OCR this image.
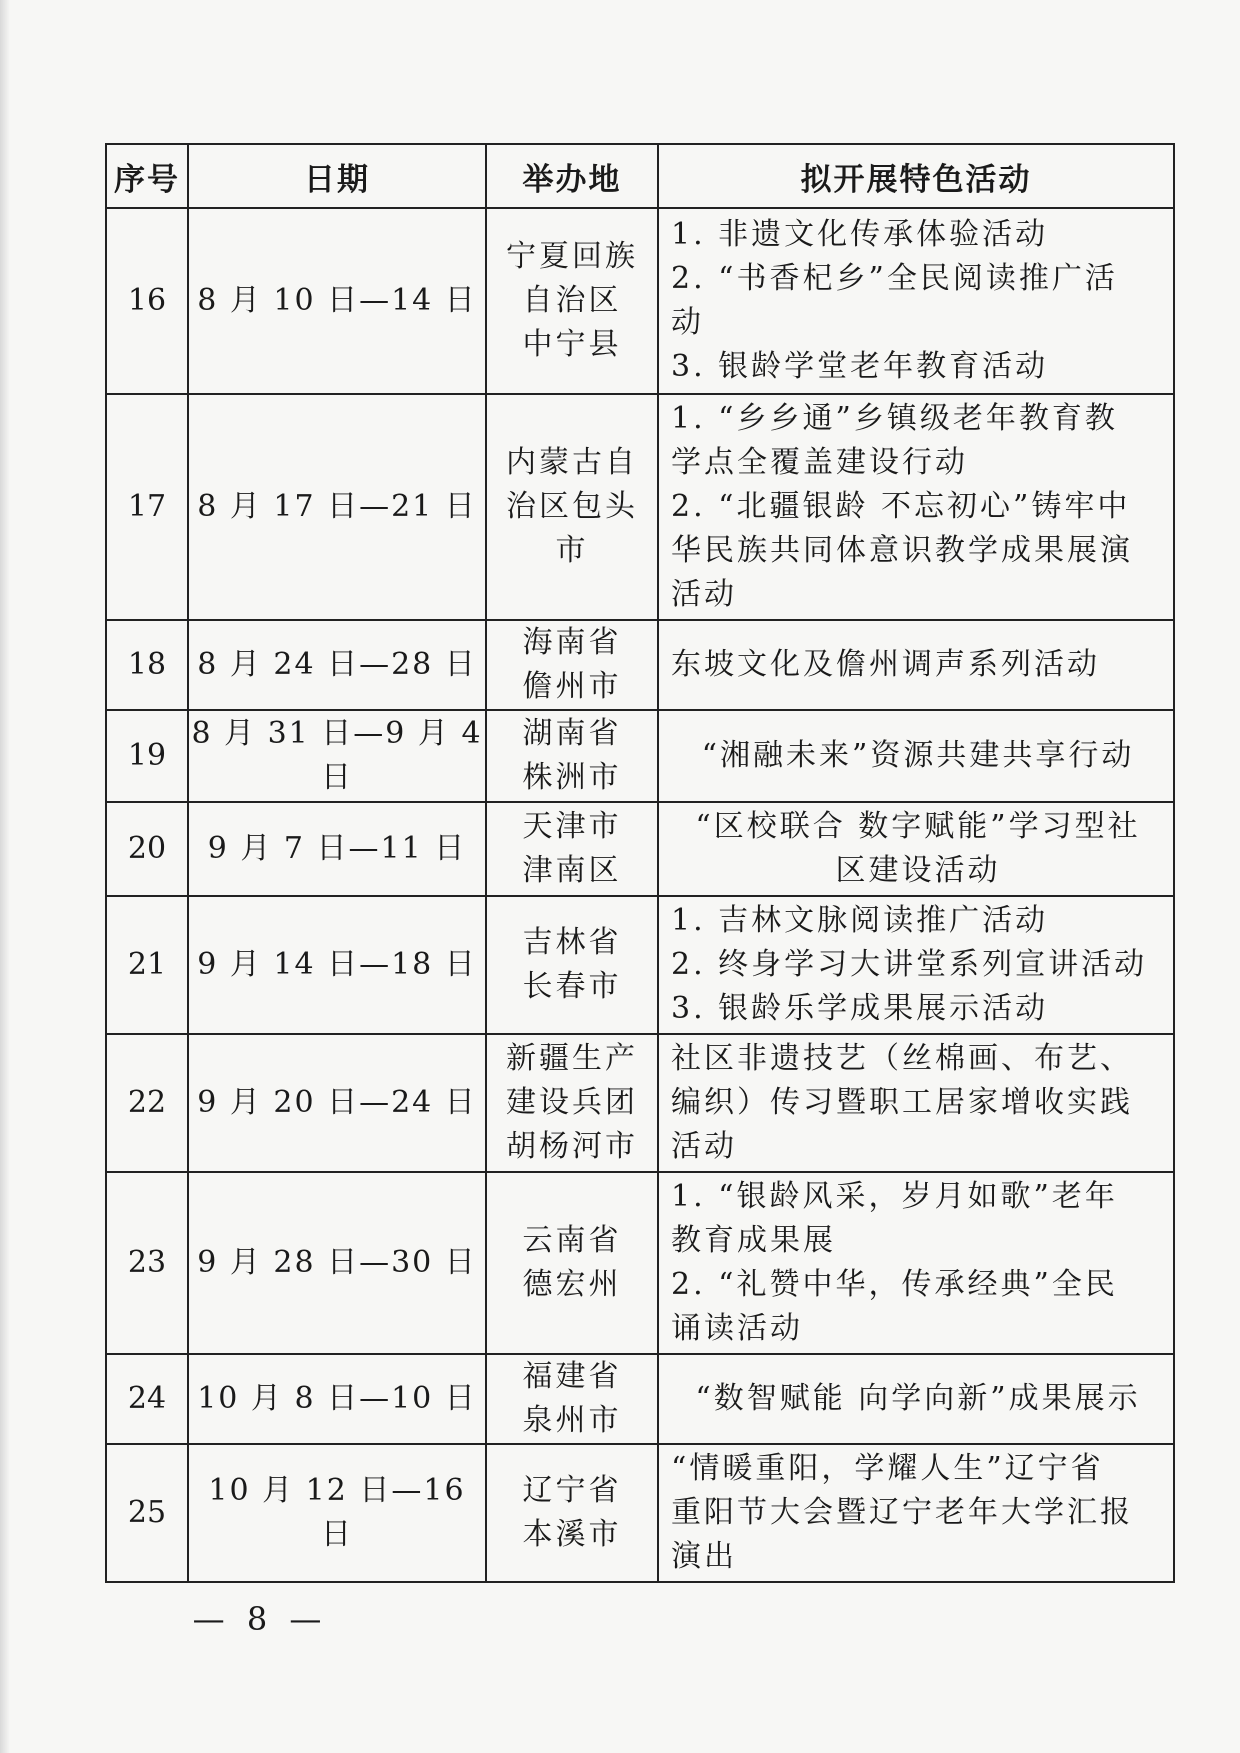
序号	日期	举办地	拟开展特色活动
16	8 月 10 日—14 日	宁夏回族
自治区
中宁县	1. 非遗文化传承体验活动
2. “书香杞乡”全民阅读推广活
动
3. 银龄学堂老年教育活动

17	8 月 17 日—21 日	内蒙古自
治区包头
市	1. “乡乡通”乡镇级老年教育教
学点全覆盖建设行动
2. “北疆银龄 不忘初心”铸牢中
华民族共同体意识教学成果展演
活动

18	8 月 24 日—28 日	海南省
儋州市	东坡文化及儋州调声系列活动

19	8 月 31 日—9 月 4 日	湖南省
株洲市	“湘融未来”资源共建共享行动

20	9 月 7 日—11 日	天津市
津南区	“区校联合 数字赋能”学习型社
区建设活动

21	9 月 14 日—18 日	吉林省
长春市	1. 吉林文脉阅读推广活动
2. 终身学习大讲堂系列宣讲活动
3. 银龄乐学成果展示活动

22	9 月 20 日—24 日	新疆生产
建设兵团
胡杨河市	社区非遗技艺（丝棉画、布艺、
编织）传习暨职工居家增收实践
活动

23	9 月 28 日—30 日	云南省
德宏州	1. “银龄风采，岁月如歌”老年
教育成果展
2. “礼赞中华，传承经典”全民
诵读活动

24	10 月 8 日—10 日	福建省
泉州市	“数智赋能 向学向新”成果展示

25	10 月 12 日—16 日	辽宁省
本溪市	“情暖重阳，学耀人生”辽宁省
重阳节大会暨辽宁老年大学汇报
演出
— 8 —
